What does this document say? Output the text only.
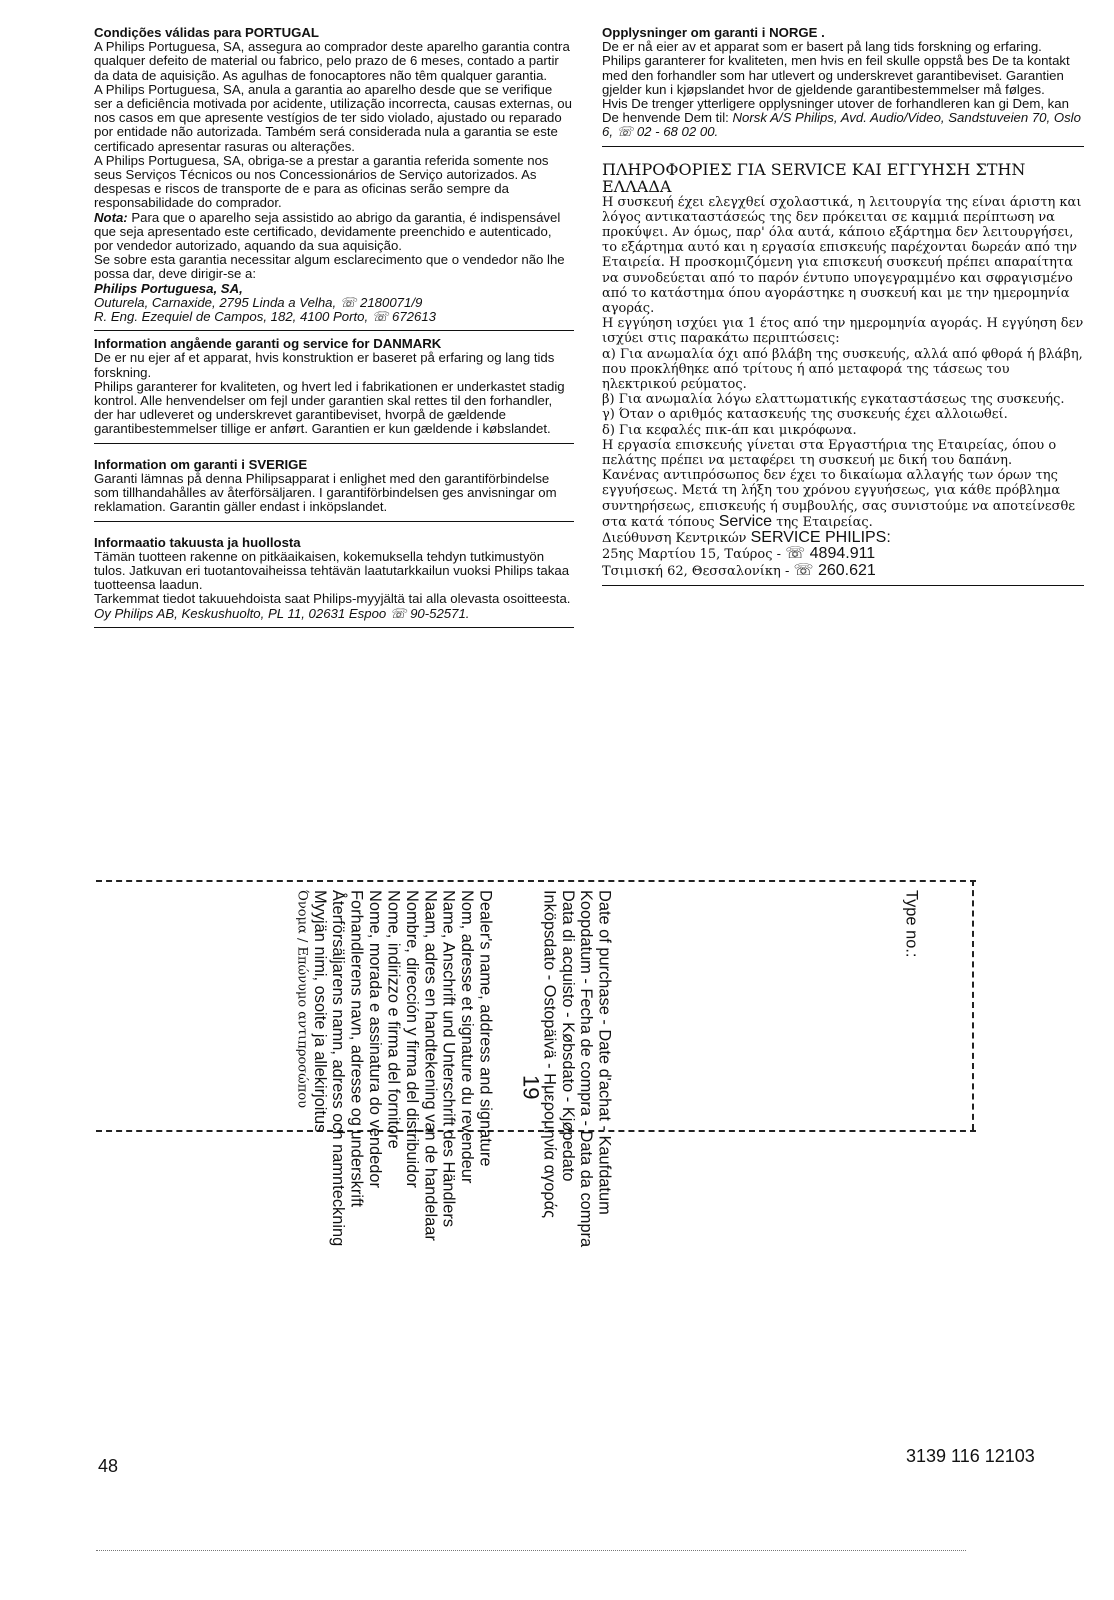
Condições válidas para PORTUGAL

A Philips Portuguesa, SA, assegura ao comprador deste aparelho garantia contra qualquer defeito de material ou fabrico, pelo prazo de 6 meses, contado a partir da data de aquisição. As agulhas de fonocaptores não têm qualquer garantia.

A Philips Portuguesa, SA, anula a garantia ao aparelho desde que se verifique ser a deficiência motivada por acidente, utilização incorrecta, causas externas, ou nos casos em que apresente vestígios de ter sido violado, ajustado ou reparado por entidade não autorizada. Também será considerada nula a garantia se este certificado apresentar rasuras ou alterações.

A Philips Portuguesa, SA, obriga-se a prestar a garantia referida somente nos seus Serviços Técnicos ou nos Concessionários de Serviço autorizados. As despesas e riscos de transporte de e para as oficinas serão sempre da responsabilidade do comprador.

Nota: Para que o aparelho seja assistido ao abrigo da garantia, é indispensável que seja apresentado este certificado, devidamente preenchido e autenticado, por vendedor autorizado, aquando da sua aquisição.

Se sobre esta garantia necessitar algum esclarecimento que o vendedor não lhe possa dar, deve dirigir-se a:

Philips Portuguesa, SA,
Outurela, Carnaxide, 2795 Linda a Velha, ☏ 2180071/9
R. Eng. Ezequiel de Campos, 182, 4100 Porto, ☏ 672613
Information angående garanti og service for DANMARK

De er nu ejer af et apparat, hvis konstruktion er baseret på erfaring og lang tids forskning.

Philips garanterer for kvaliteten, og hvert led i fabrikationen er underkastet stadig kontrol. Alle henvendelser om fejl under garantien skal rettes til den forhandler, der har udleveret og underskrevet garantibeviset, hvorpå de gældende garantibestemmelser tillige er anført. Garantien er kun gældende i købslandet.

Information om garanti i SVERIGE

Garanti lämnas på denna Philipsapparat i enlighet med den garantiförbindelse som tillhandahålles av återförsäljaren. I garantiförbindelsen ges anvisningar om reklamation. Garantin gäller endast i inköpslandet.

Informaatio takuusta ja huollosta

Tämän tuotteen rakenne on pitkäaikaisen, kokemuksella tehdyn tutkimustyön tulos. Jatkuvan eri tuotantovaiheissa tehtävän laatutarkkailun vuoksi Philips takaa tuotteensa laadun.

Tarkemmat tiedot takuuehdoista saat Philips-myyjältä tai alla olevasta osoitteesta.

Oy Philips AB, Keskushuolto, PL 11, 02631 Espoo ☏ 90-52571.
Opplysninger om garanti i NORGE .

De er nå eier av et apparat som er basert på lang tids forskning og erfaring.

Philips garanterer for kvaliteten, men hvis en feil skulle oppstå bes De ta kontakt med den forhandler som har utlevert og underskrevet garantibeviset. Garantien gjelder kun i kjøpslandet hvor de gjeldende garantibestemmelser må følges.

Hvis De trenger ytterligere opplysninger utover de forhandleren kan gi Dem, kan De henvende Dem til: Norsk A/S Philips, Avd. Audio/Video, Sandstuveien 70, Oslo 6, ☏ 02 - 68 02 00.

ΠΛΗΡΟΦΟΡΙΕΣ ΓΙΑ SERVICE ΚΑΙ ΕΓΓΥΗΣΗ ΣΤΗΝ ΕΛΛΑΔΑ

Η συσκευή έχει ελεγχθεί σχολαστικά, η λειτουργία της είναι άριστη και λόγος αντικαταστάσεώς της δεν πρόκειται σε καμμιά περίπτωση να προκύψει. Αν όμως, παρ' όλα αυτά, κάποιο εξάρτημα δεν λειτουργήσει, το εξάρτημα αυτό και η εργασία επισκευής παρέχονται δωρεάν από την Εταιρεία. Η προσκομιζόμενη για επισκευή συσκευή πρέπει απαραίτητα να συνοδεύεται από το παρόν έντυπο υπογεγραμμένο και σφραγισμένο από το κατάστημα όπου αγοράστηκε η συσκευή και με την ημερομηνία αγοράς.

Η εγγύηση ισχύει για 1 έτος από την ημερομηνία αγοράς. Η εγγύηση δεν ισχύει στις παρακάτω περιπτώσεις:

α) Για ανωμαλία όχι από βλάβη της συσκευής, αλλά από φθορά ή βλάβη, που προκλήθηκε από τρίτους ή από μεταφορά της τάσεως του ηλεκτρικού ρεύματος.

β) Για ανωμαλία λόγω ελαττωματικής εγκαταστάσεως της συσκευής.

γ) Όταν ο αριθμός κατασκευής της συσκευής έχει αλλοιωθεί.

δ) Για κεφαλές πικ-άπ και μικρόφωνα.

Η εργασία επισκευής γίνεται στα Εργαστήρια της Εταιρείας, όπου ο πελάτης πρέπει να μεταφέρει τη συσκευή με δική του δαπάνη.

Κανένας αντιπρόσωπος δεν έχει το δικαίωμα αλλαγής των όρων της εγγυήσεως. Μετά τη λήξη του χρόνου εγγυήσεως, για κάθε πρόβλημα συντηρήσεως, επισκευής ή συμβουλής, σας συνιστούμε να αποτείνεσθε στα κατά τόπους Service της Εταιρείας.

Διεύθυνση Κεντρικών SERVICE PHILIPS:
25ης Μαρτίου 15, Ταύρος - ☏ 4894.911
Τσιμισκή 62, Θεσσαλονίκη - ☏ 260.621
Type no.:
Date of purchase - Date d'achat - Kaufdatum
Koopdatum - Fecha de compra - Data da compra
Data di acquisto - Købsdato - Kjøpedato
Inköpsdato - Ostopäivä - Ημερομηνία αγοράς
19
Dealer's name, address and signature
Nom, adresse et signature du revendeur
Name, Anschrift und Unterschrift des Händlers
Naam, adres en handtekening van de handelaar
Nombre, dirección y firma del distribuidor
Nome, indirizzo e firma del fornitore
Nome, morada e assinatura do vendedor
Forhandlerens navn, adresse og underskrift
Återförsäljarens namn, adress och namnteckning
Myyjän nimi, osoite ja allekirjoitus
Όνομα / Επώνυμο αντιπροσώπου
48	3139 116 12103
